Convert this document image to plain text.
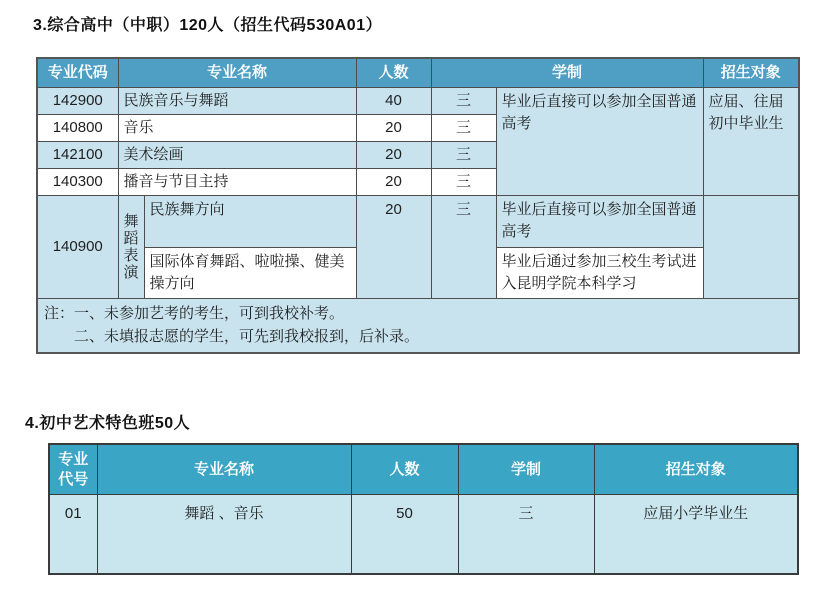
3.综合高中（中职）120人（招生代码530A01）
专业代码	专业名称		人数	学制		招生对象
142900	民族音乐与舞蹈		40	三	毕业后直接可以参加全国普通高考	应届、往届初中毕业生
140800	音乐		20	三		
142100	美术绘画		20	三		
140300	播音与节目主持		20	三		
140900	舞蹈表演	民族舞方向	20	三	毕业后直接可以参加全国普通高考	
		国际体育舞蹈、啦啦操、健美操方向			毕业后通过参加三校生考试进入昆明学院本科学习	

注：一、未参加艺考的考生，可到我校补考。
二、未填报志愿的学生，可先到我校报到，后补录。						
4.初中艺术特色班50人
专业代号	专业名称	人数	学制	招生对象
01	舞蹈 、音乐	50	三	应届小学毕业生
